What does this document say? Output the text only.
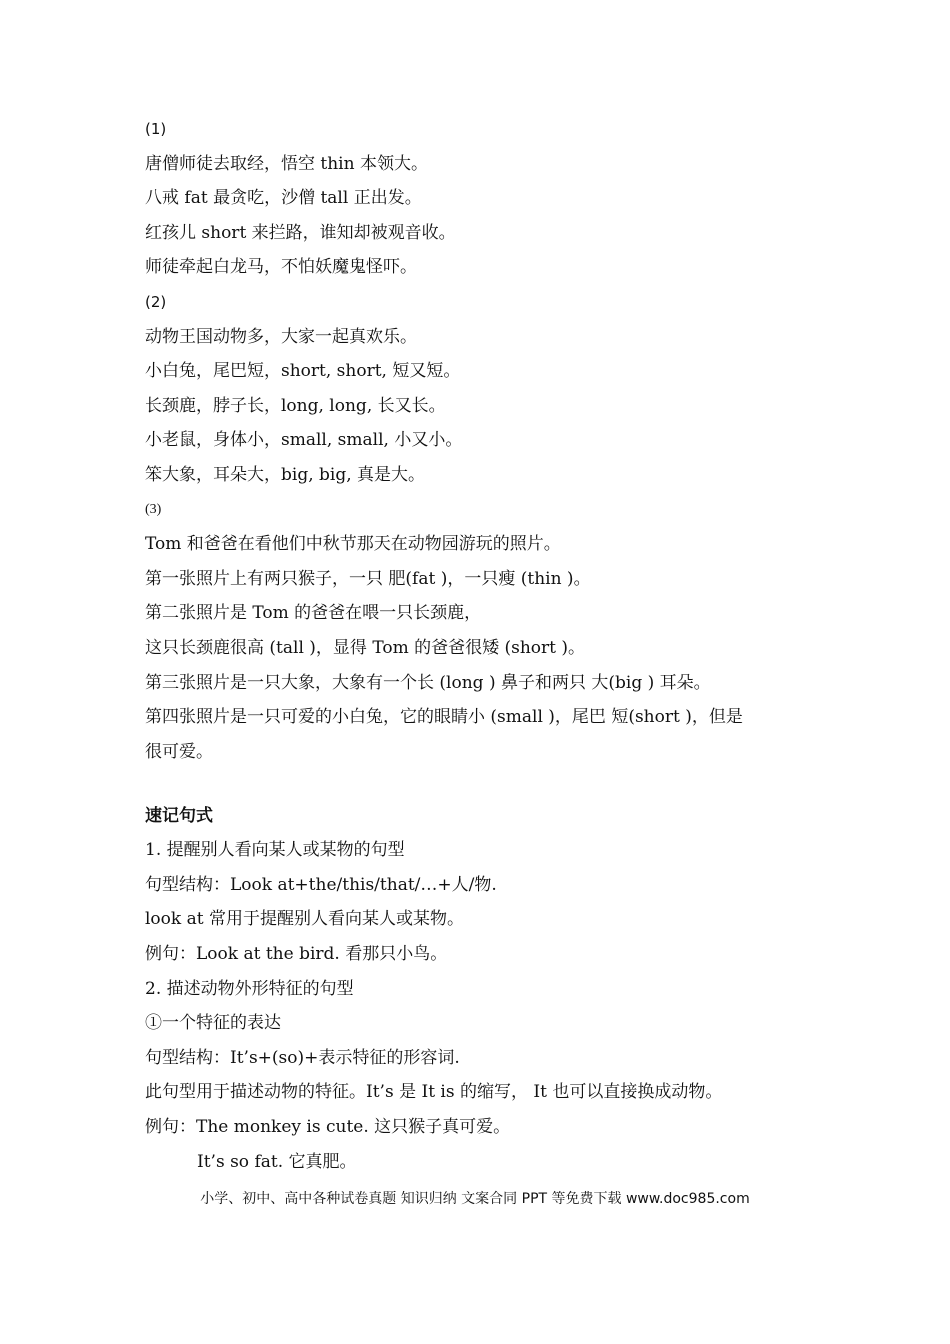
(1)
唐僧师徒去取经，悟空 thin 本领大。
八戒 fat 最贪吃，沙僧 tall 正出发。
红孩儿 short 来拦路，谁知却被观音收。
师徒牵起白龙马，不怕妖魔鬼怪吓。
(2)
动物王国动物多，大家一起真欢乐。
小白兔，尾巴短，short, short, 短又短。
长颈鹿，脖子长，long, long, 长又长。
小老鼠，身体小，small, small, 小又小。
笨大象，耳朵大，big, big, 真是大。
(3)
Tom 和爸爸在看他们中秋节那天在动物园游玩的照片。
第一张照片上有两只猴子，一只 肥(fat )，一只瘦 (thin )。
第二张照片是 Tom 的爸爸在喂一只长颈鹿，
这只长颈鹿很高 (tall )，显得 Tom 的爸爸很矮 (short )。
第三张照片是一只大象，大象有一个长 (long ) 鼻子和两只 大(big ) 耳朵。
第四张照片是一只可爱的小白兔，它的眼睛小 (small )，尾巴 短(short )，但是
很可爱。
速记句式
1. 提醒别人看向某人或某物的句型
句型结构：Look at+the/this/that/…+人/物.
look at 常用于提醒别人看向某人或某物。
例句：Look at the bird. 看那只小鸟。
2. 描述动物外形特征的句型
①一个特征的表达
句型结构：It’s+(so)+表示特征的形容词.
此句型用于描述动物的特征。It’s 是 It is 的缩写， It 也可以直接换成动物。
例句：The monkey is cute. 这只猴子真可爱。
It’s so fat. 它真肥。
小学、初中、高中各种试卷真题 知识归纳 文案合同 PPT 等免费下载 www.doc985.com
